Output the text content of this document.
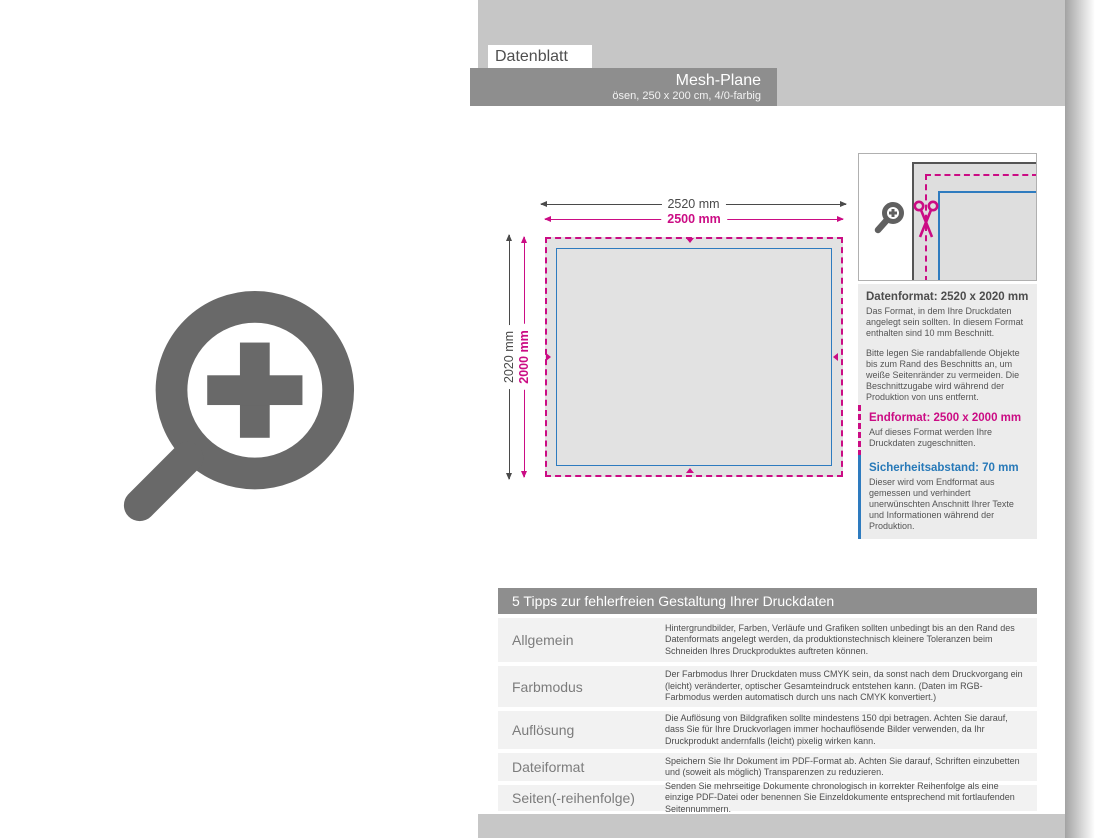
Datenblatt
Mesh-Plane
ösen, 250 x 200 cm, 4/0-farbig
2520 mm
2500 mm
2020 mm 2000 mm
Datenformat: 2520 x 2020 mm

Das Format, in dem Ihre Druckdaten angelegt sein sollten. In diesem Format enthalten sind 10 mm Beschnitt.

Bitte legen Sie randabfallende Objekte bis zum Rand des Beschnitts an, um weiße Seitenränder zu vermeiden. Die Beschnittzugabe wird während der Produktion von uns entfernt.

Endformat: 2500 x 2000 mm

Auf dieses Format werden Ihre Druckdaten zugeschnitten.

Sicherheitsabstand: 70 mm

Dieser wird vom Endformat aus gemessen und verhindert unerwünschten Anschnitt Ihrer Texte und Informationen während der Produktion.

5 Tipps zur fehlerfreien Gestaltung Ihrer Druckdaten
Allgemein
Hintergrundbilder, Farben, Verläufe und Grafiken sollten unbedingt bis an den Rand des Datenformats angelegt werden, da produktionstechnisch kleinere Toleranzen beim Schneiden Ihres Druckproduktes auftreten können.
Farbmodus
Der Farbmodus Ihrer Druckdaten muss CMYK sein, da sonst nach dem Druckvorgang ein (leicht) veränderter, optischer Gesamteindruck entstehen kann. (Daten im RGB-Farbmodus werden automatisch durch uns nach CMYK konvertiert.)
Auflösung
Die Auflösung von Bildgrafiken sollte mindestens 150 dpi betragen. Achten Sie darauf, dass Sie für Ihre Druckvorlagen immer hochauflösende Bilder verwenden, da Ihr Druckprodukt andernfalls (leicht) pixelig wirken kann.
Dateiformat	Speichern Sie Ihr Dokument im PDF-Format ab. Achten Sie darauf, Schriften einzubetten und (soweit als möglich) Transparenzen zu reduzieren.
Seiten(-reihenfolge)
Senden Sie mehrseitige Dokumente chronologisch in korrekter Reihenfolge als eine einzige PDF-Datei oder benennen Sie Einzeldokumente entsprechend mit fortlaufenden Seitennummern.
